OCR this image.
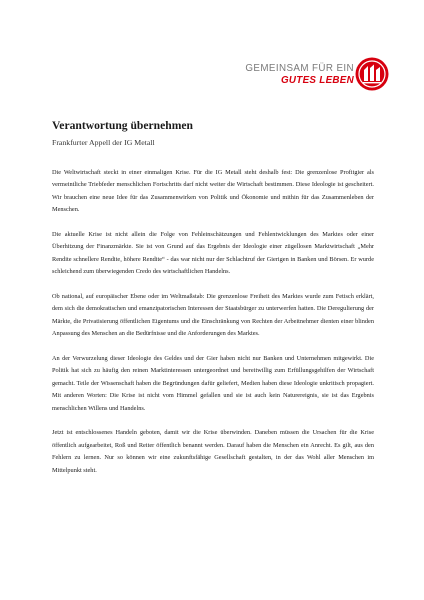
GEMEINSAM FÜR EIN
GUTES LEBEN
Verantwortung übernehmen
Frankfurter Appell der IG Metall

Die Weltwirtschaft steckt in einer einmaligen Krise. Für die IG Metall steht deshalb fest: Die grenzenlose Profitgier als vermeintliche Triebfeder menschlichen Fortschritts darf nicht weiter die Wirtschaft bestimmen. Diese Ideologie ist gescheitert. Wir brauchen eine neue Idee für das Zusammenwirken von Politik und Ökonomie und mithin für das Zusammenleben der Menschen.

Die aktuelle Krise ist nicht allein die Folge von Fehleinschätzungen und Fehlentwicklungen des Marktes oder einer Überhitzung der Finanzmärkte. Sie ist von Grund auf das Ergebnis der Ideologie einer zügellosen Marktwirtschaft „Mehr Rendite schnellere Rendite, höhere Rendite“ - das war nicht nur der Schlachtruf der Gierigen in Banken und Börsen. Er wurde schleichend zum überwiegenden Credo des wirtschaftlichen Handelns.

Ob national, auf europäischer Ebene oder im Weltmaßstab: Die grenzenlose Freiheit des Marktes wurde zum Fetisch erklärt, dem sich die demokratischen und emanzipatorischen Interessen der Staatsbürger zu unterwerfen hatten. Die Deregulierung der Märkte, die Privatisierung öffentlichen Eigentums und die Einschränkung von Rechten der Arbeitnehmer dienten einer blinden Anpassung des Menschen an die Bedürfnisse und die Anforderungen des Marktes.

An der Verwurzelung dieser Ideologie des Geldes und der Gier haben nicht nur Banken und Unternehmen mitgewirkt. Die Politik hat sich zu häufig den reinen Marktinteressen untergeordnet und bereitwillig zum Erfüllungsgehilfen der Wirtschaft gemacht. Teile der Wissenschaft haben die Begründungen dafür geliefert, Medien haben diese Ideologie unkritisch propagiert. Mit anderen Worten: Die Krise ist nicht vom Himmel gefallen und sie ist auch kein Naturereignis, sie ist das Ergebnis menschlichen Willens und Handelns.

Jetzt ist entschlossenes Handeln geboten, damit wir die Krise überwinden. Daneben müssen die Ursachen für die Krise öffentlich aufgearbeitet, Roß und Reiter öffentlich benannt werden. Darauf haben die Menschen ein Anrecht. Es gilt, aus den Fehlern zu lernen. Nur so können wir eine zukunftsfähige Gesellschaft gestalten, in der das Wohl aller Menschen im Mittelpunkt steht.
